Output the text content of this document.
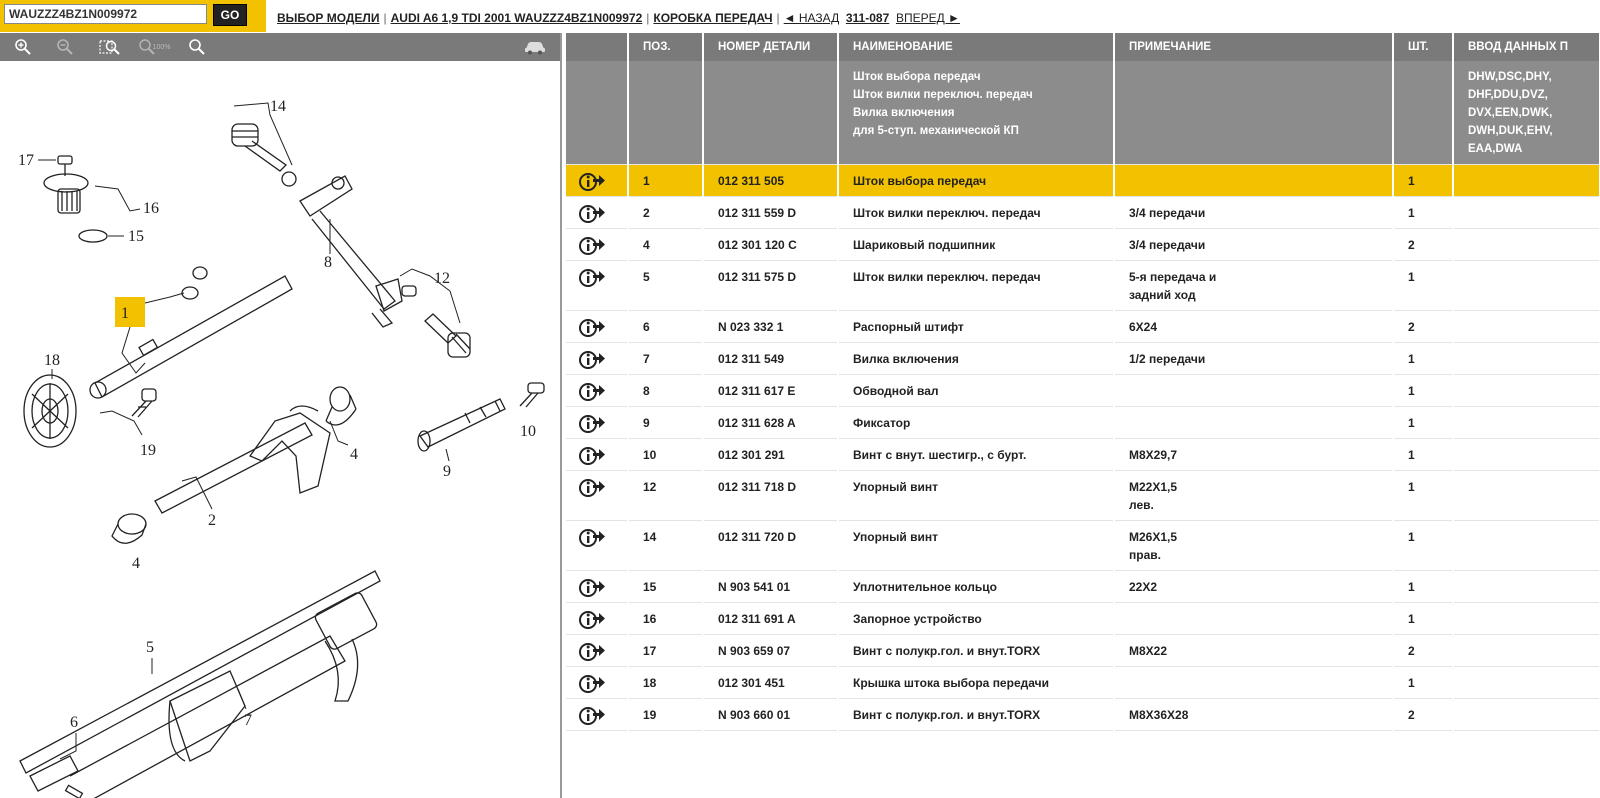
WAUZZZ4BZ1N009972
GO	ВЫБОР МОДЕЛИ | AUDI A6 1,9 TDI 2001 WAUZZZ4BZ1N009972 | КОРОБКА ПЕРЕДАЧ | ◄ НАЗАД 311-087 ВПЕРЕД ►
100%
14
17
16
15
8
12
1
18
19	4
10
9
2
4
5
6	7
	ПОЗ.	НОМЕР ДЕТАЛИ	НАИМЕНОВАНИЕ	ПРИМЕЧАНИЕ	ШТ.	ВВОД ДАННЫХ П
			Шток выбора передач
Шток вилки переключ. передач
Вилка включения
для 5-ступ. механической КП			DHW,DSC,DHY,
DHF,DDU,DVZ,
DVX,EEN,DWK,
DWH,DUK,EHV,
EAA,DWA

	1	012 311 505	Шток выбора передач		1	

	2	012 311 559 D	Шток вилки переключ. передач	3/4 передачи	1	

	4	012 301 120 C	Шариковый подшипник	3/4 передачи	2	

	5	012 311 575 D	Шток вилки переключ. передач	5-я передача и
задний ход	1	

	6	N 023 332 1	Распорный штифт	6X24	2	

	7	012 311 549	Вилка включения	1/2 передачи	1	

	8	012 311 617 E	Обводной вал		1	

	9	012 311 628 A	Фиксатор		1	

	10	012 301 291	Винт с внут. шестигр., с бурт.	M8X29,7	1	

	12	012 311 718 D	Упорный винт	M22X1,5
лев.	1	

	14	012 311 720 D	Упорный винт	M26X1,5
прав.	1	

	15	N 903 541 01	Уплотнительное кольцо	22X2	1	

	16	012 311 691 A	Запорное устройство		1	

	17	N 903 659 07	Винт с полукр.гол. и внут.TORX	M8X22	2	

	18	012 301 451	Крышка штока выбора передачи		1	

	19	N 903 660 01	Винт с полукр.гол. и внут.TORX	M8X36X28	2	
